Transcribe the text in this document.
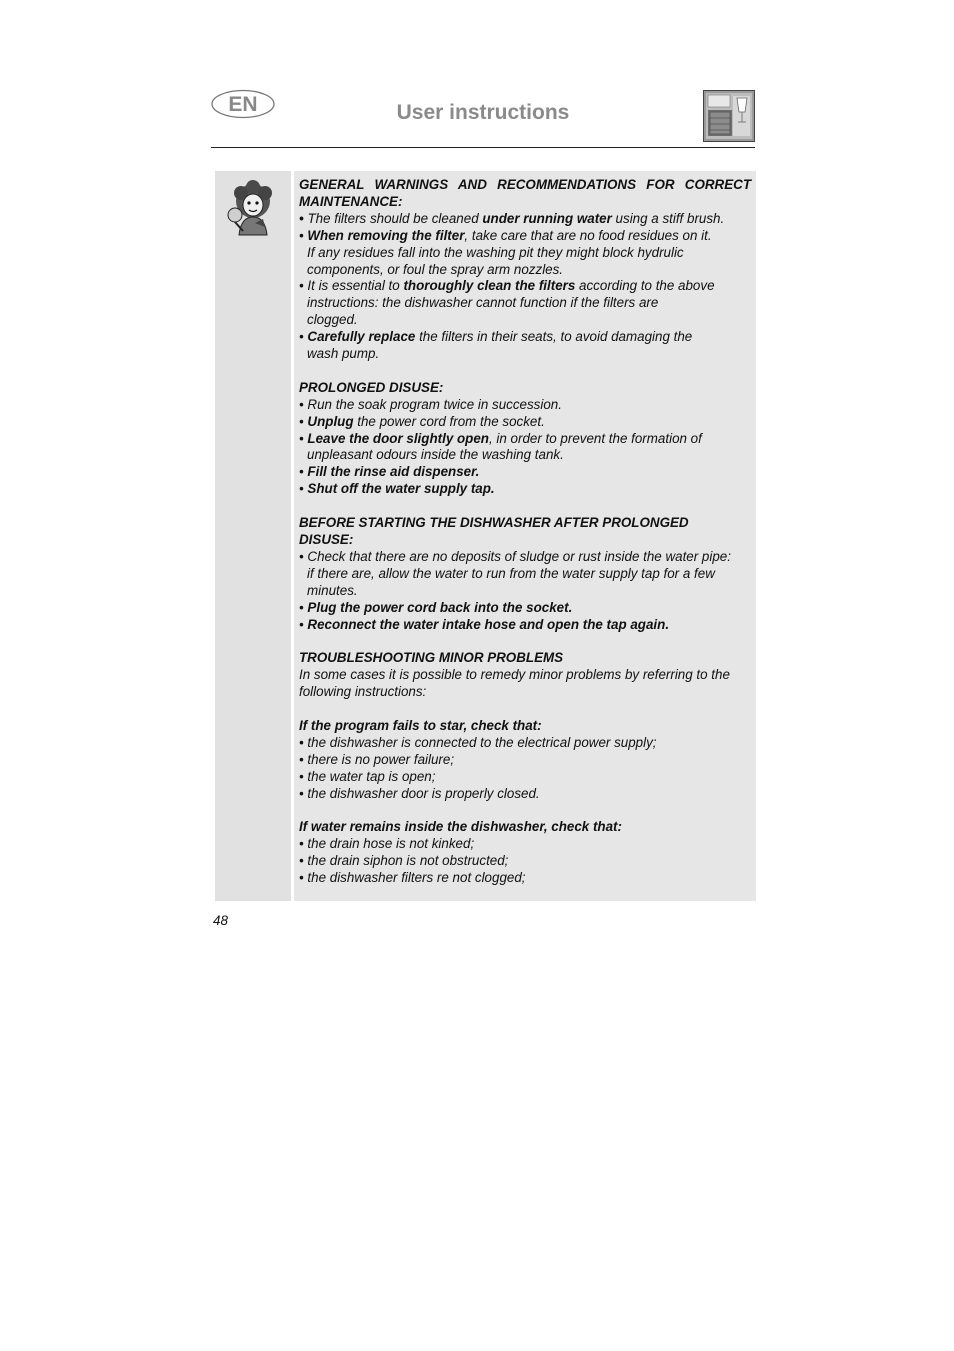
EN	User instructions

GENERAL WARNINGS AND RECOMMENDATIONS FOR CORRECT MAINTENANCE:

• The filters should be cleaned under running water using a stiff brush.

• When removing the filter, take care that are no food residues on it.

If any residues fall into the washing pit they might block hydrulic

components, or foul the spray arm nozzles.

• It is essential to thoroughly clean the filters according to the above

instructions: the dishwasher cannot function if the filters are

clogged.

• Carefully replace the filters in their seats, to avoid damaging the

wash pump.

PROLONGED DISUSE:

• Run the soak program twice in succession.

• Unplug the power cord from the socket.

• Leave the door slightly open, in order to prevent the formation of

unpleasant odours inside the washing tank.

• Fill the rinse aid dispenser.

• Shut off the water supply tap.

BEFORE STARTING THE DISHWASHER AFTER PROLONGED

DISUSE:

• Check that there are no deposits of sludge or rust inside the water pipe:

if there are, allow the water to run from the water supply tap for a few

minutes.

• Plug the power cord back into the socket.

• Reconnect the water intake hose and open the tap again.

TROUBLESHOOTING MINOR PROBLEMS

In some cases it is possible to remedy minor problems by referring to the

following instructions:

If the program fails to star, check that:

• the dishwasher is connected to the electrical power supply;

• there is no power failure;

• the water tap is open;

• the dishwasher door is properly closed.

If water remains inside the dishwasher, check that:

• the drain hose is not kinked;

• the drain siphon is not obstructed;

• the dishwasher filters re not clogged;

48
